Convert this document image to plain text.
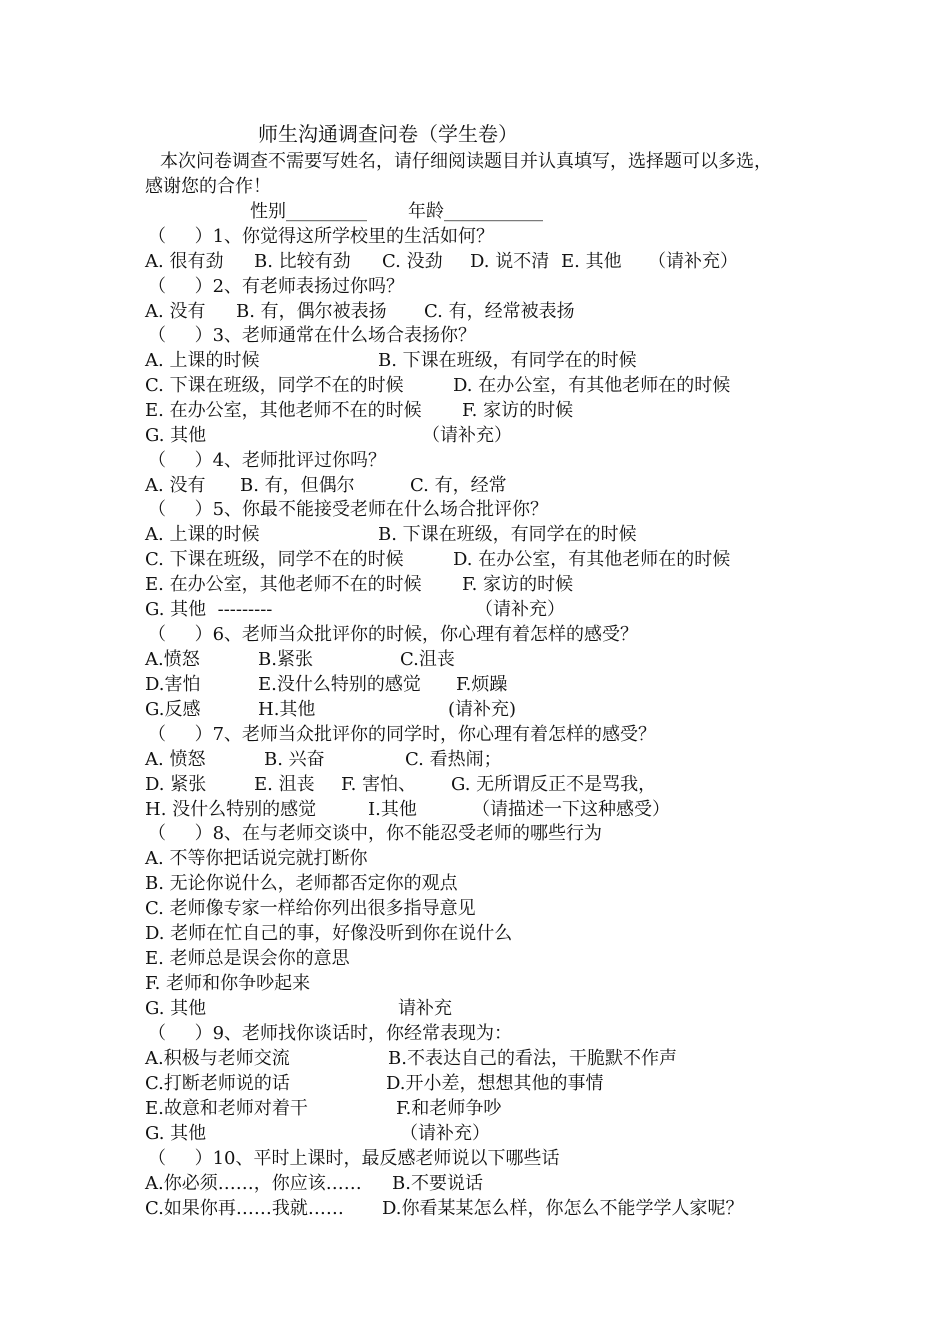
师生沟通调查问卷（学生卷）
本次问卷调查不需要写姓名，请仔细阅读题目并认真填写，选择题可以多选，
感谢您的合作！
性别_________ 年龄___________
（     ）1、你觉得这所学校里的生活如何？
A. 很有劲 B. 比较有劲 C. 没劲 D. 说不清 E. 其他 （请补充）
（     ）2、有老师表扬过你吗？
A. 没有 B. 有，偶尔被表扬 C. 有，经常被表扬
（     ）3、老师通常在什么场合表扬你？
A. 上课的时候	B. 下课在班级，有同学在的时候
C. 下课在班级，同学不在的时候	D. 在办公室，有其他老师在的时候
E. 在办公室，其他老师不在的时候 F. 家访的时候
G. 其他	（请补充）
（     ）4、老师批评过你吗？
A. 没有 B. 有，但偶尔	C. 有，经常
（     ）5、你最不能接受老师在什么场合批评你？
A. 上课的时候	B. 下课在班级，有同学在的时候
C. 下课在班级，同学不在的时候	D. 在办公室，有其他老师在的时候
E. 在办公室，其他老师不在的时候 F. 家访的时候
G. 其他  ---------	（请补充）
（     ）6、老师当众批评你的时候，你心理有着怎样的感受？
A.愤怒	B.紧张	C.沮丧
D.害怕	E.没什么特别的感觉 F.烦躁
G.反感	H.其他	(请补充)
（     ）7、老师当众批评你的同学时，你心理有着怎样的感受？
A. 愤怒	B. 兴奋	C. 看热闹；
D. 紧张	E. 沮丧 F. 害怕、 G. 无所谓反正不是骂我，
H. 没什么特别的感觉	I.其他	（请描述一下这种感受）
（     ）8、在与老师交谈中，你不能忍受老师的哪些行为
A. 不等你把话说完就打断你
B. 无论你说什么，老师都否定你的观点
C. 老师像专家一样给你列出很多指导意见
D. 老师在忙自己的事，好像没听到你在说什么
E. 老师总是误会你的意思
F. 老师和你争吵起来
G. 其他	请补充
（     ）9、老师找你谈话时，你经常表现为：
A.积极与老师交流	B.不表达自己的看法，干脆默不作声
C.打断老师说的话	D.开小差，想想其他的事情
E.故意和老师对着干	F.和老师争吵
G. 其他	（请补充）
（     ）10、平时上课时，最反感老师说以下哪些话
A.你必须……，你应该…… B.不要说话
C.如果你再……我就…… D.你看某某怎么样，你怎么不能学学人家呢？
